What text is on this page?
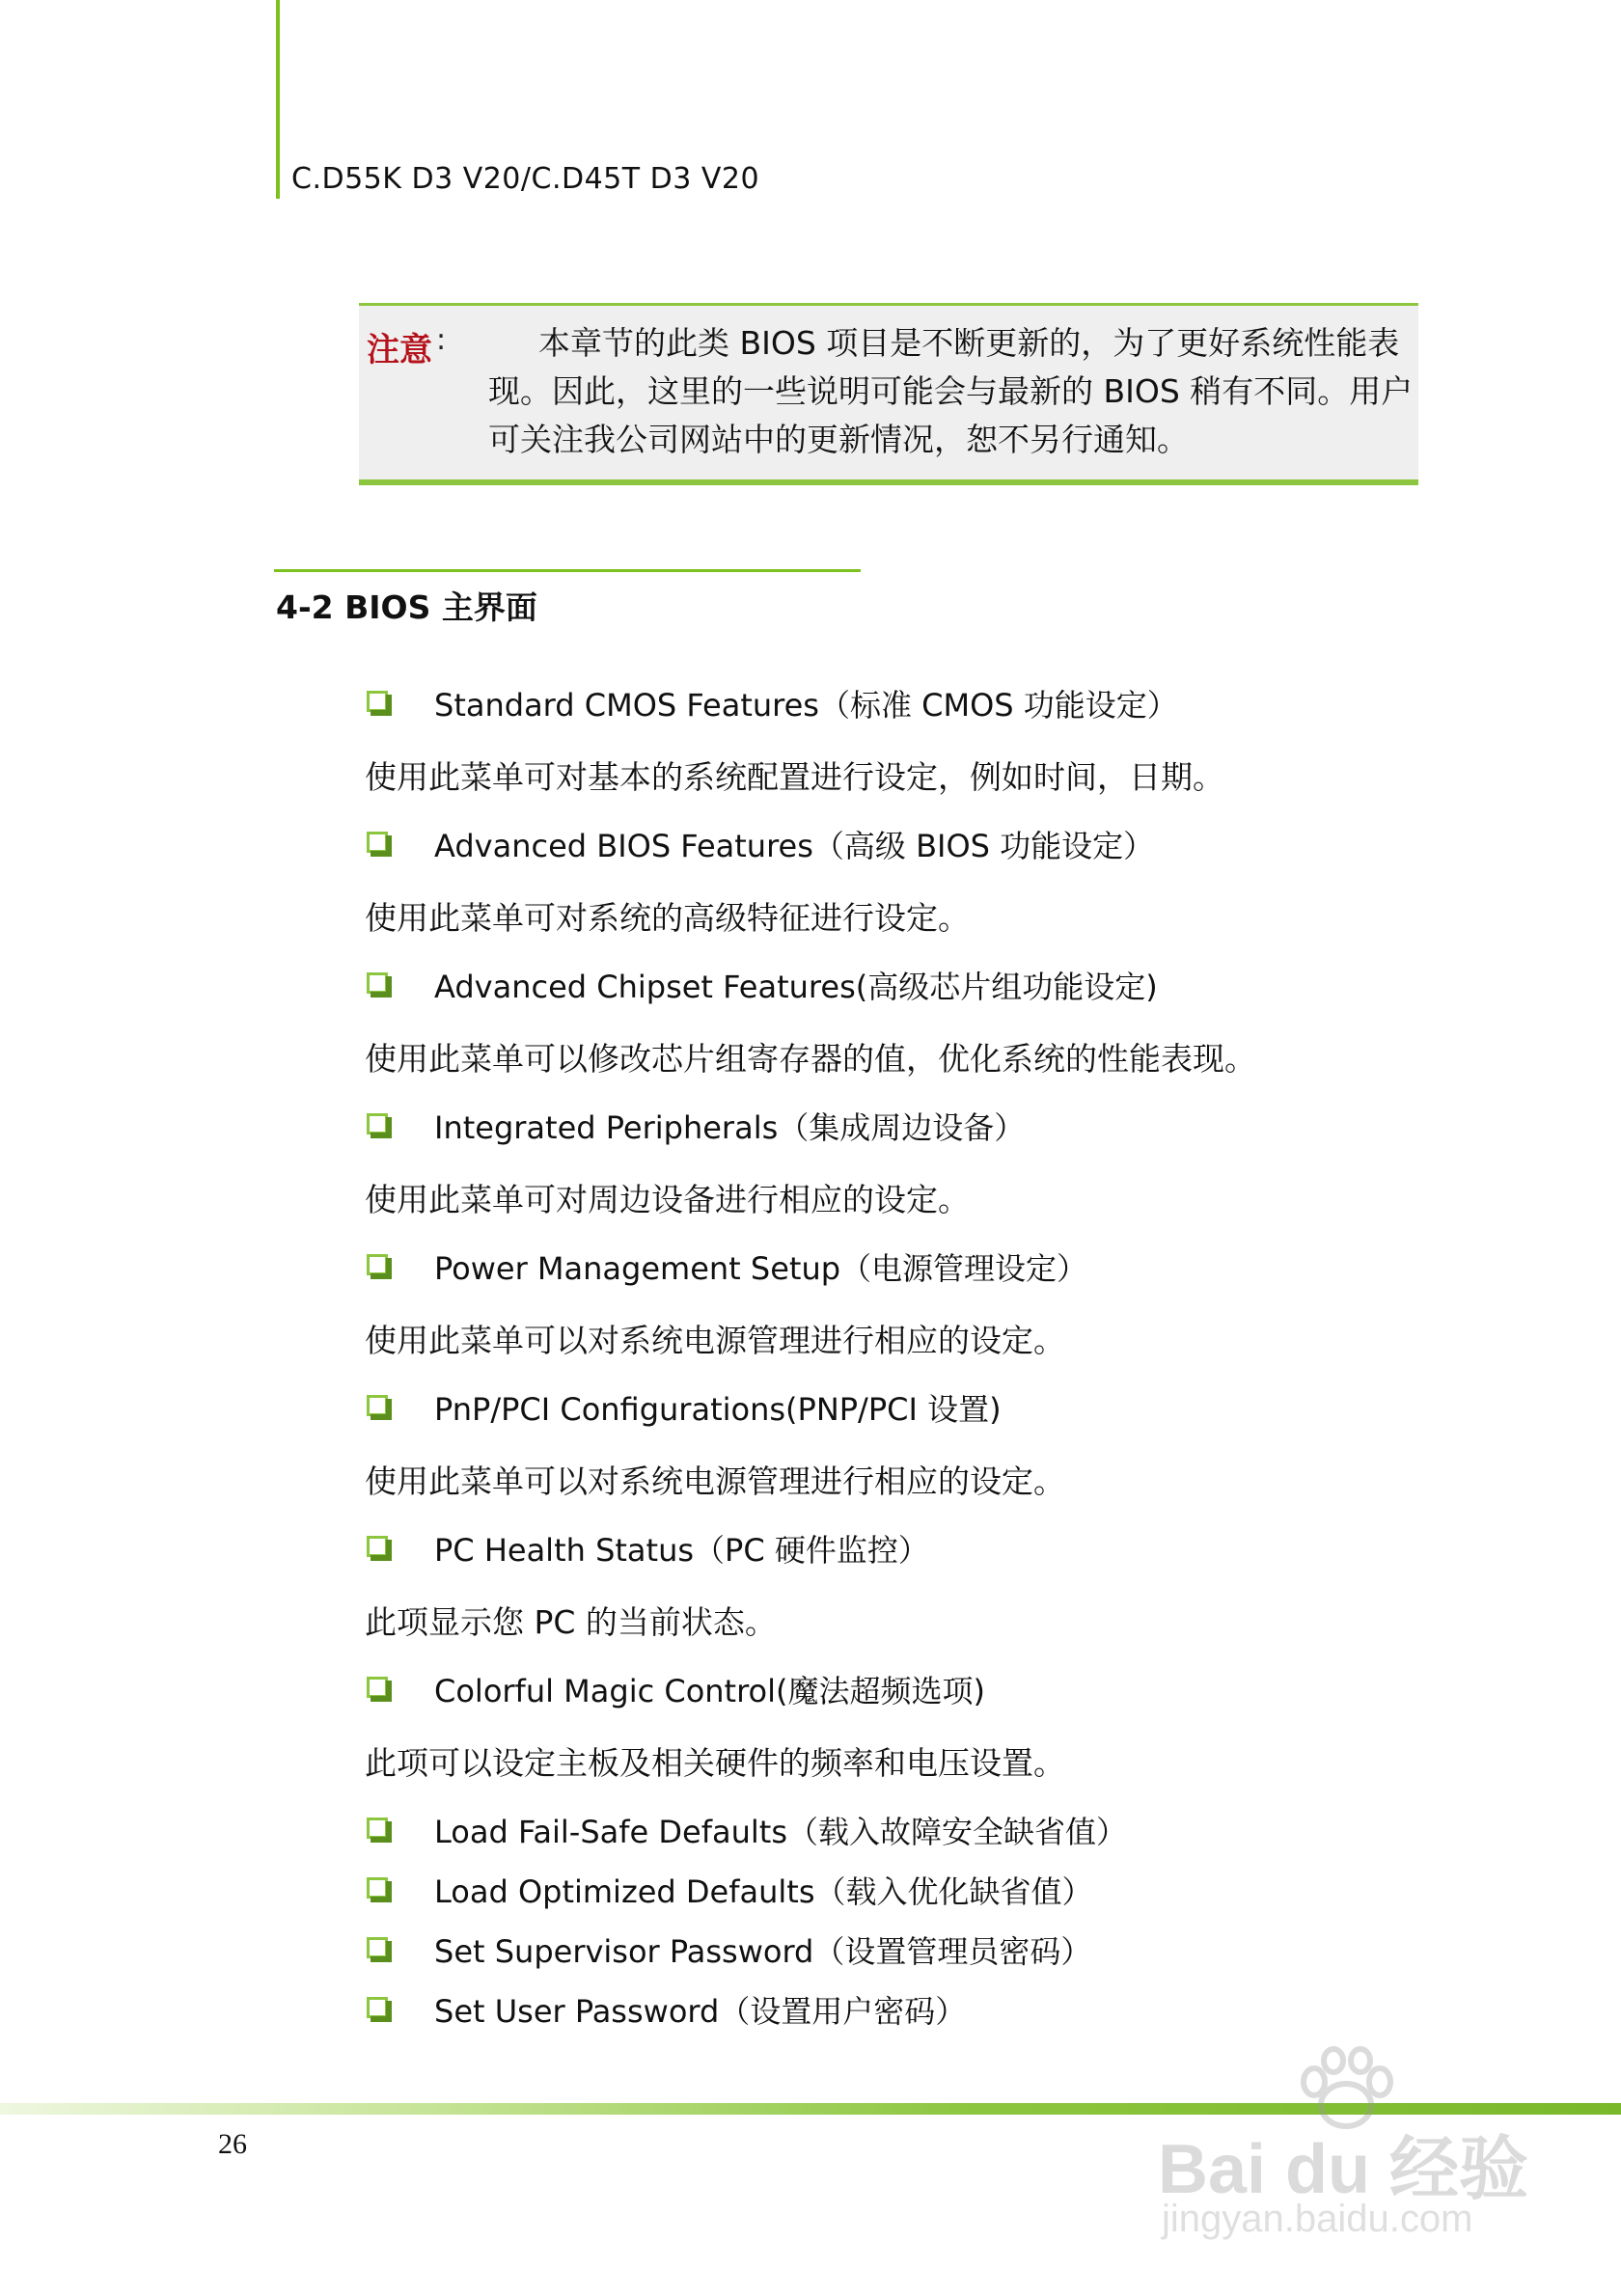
C.D55K D3 V20/C.D45T D3 V20
注意 :	本章节的此类 BIOS 项目是不断更新的，为了更好系统性能表现。因此，这里的一些说明可能会与最新的 BIOS 稍有不同。用户可关注我公司网站中的更新情况，恕不另行通知。
4-2 BIOS 主界面
Standard CMOS Features（标准 CMOS 功能设定）
使用此菜单可对基本的系统配置进行设定，例如时间，日期。
Advanced BIOS Features（高级 BIOS 功能设定）
使用此菜单可对系统的高级特征进行设定。
Advanced Chipset Features(高级芯片组功能设定)
使用此菜单可以修改芯片组寄存器的值，优化系统的性能表现。
Integrated Peripherals（集成周边设备）
使用此菜单可对周边设备进行相应的设定。
Power Management Setup（电源管理设定）
使用此菜单可以对系统电源管理进行相应的设定。
PnP/PCI Configurations(PNP/PCI 设置)
使用此菜单可以对系统电源管理进行相应的设定。
PC Health Status（PC 硬件监控）
此项显示您 PC 的当前状态。
Colorful Magic Control(魔法超频选项)
此项可以设定主板及相关硬件的频率和电压设置。
Load Fail-Safe Defaults（载入故障安全缺省值）
Load Optimized Defaults（载入优化缺省值）
Set Supervisor Password（设置管理员密码）
Set User Password（设置用户密码）
26	Bai du 经验
jingyan.baidu.com
